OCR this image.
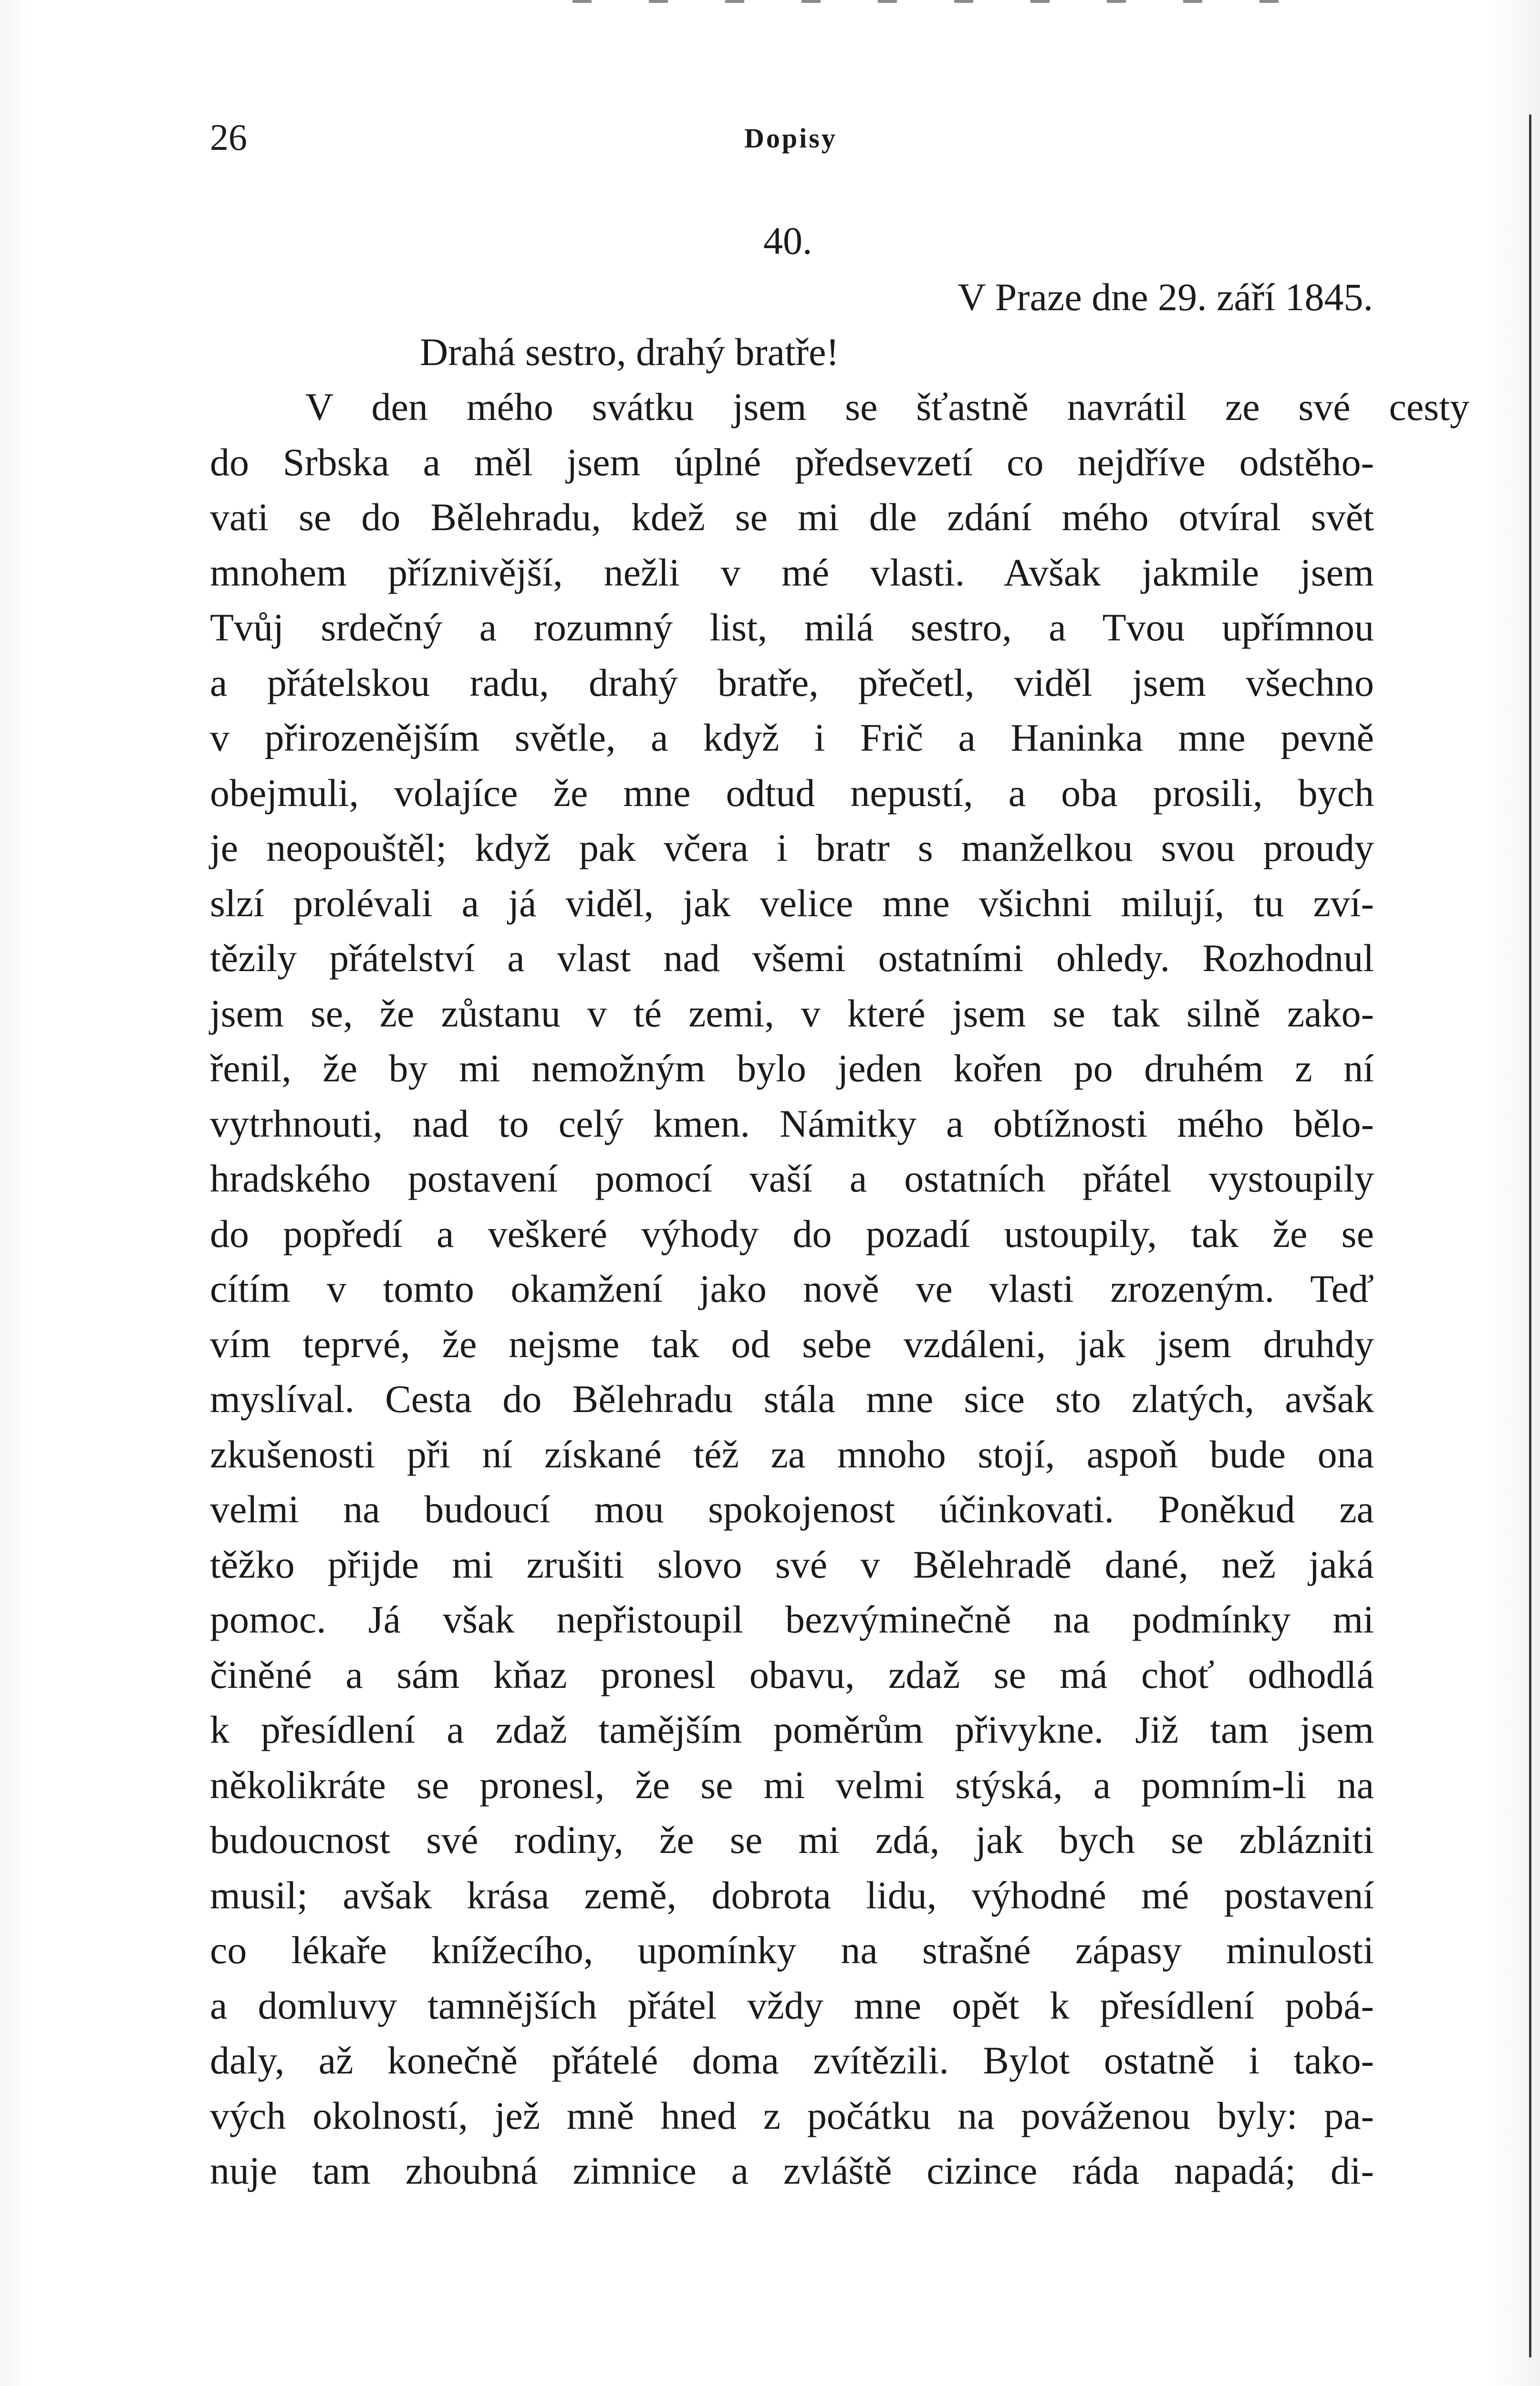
26	Dopisy
40.
V Praze dne 29. září 1845.
Drahá sestro, drahý bratře!
V den mého svátku jsem se šťastně navrátil ze své cesty
do Srbska a měl jsem úplné předsevzetí co nejdříve odstěho-
vati se do Bělehradu, kdež se mi dle zdání mého otvíral svět
mnohem příznivější, nežli v mé vlasti. Avšak jakmile jsem
Tvůj srdečný a rozumný list, milá sestro, a Tvou upřímnou
a přátelskou radu, drahý bratře, přečetl, viděl jsem všechno
v přirozenějším světle, a když i Frič a Haninka mne pevně
obejmuli, volajíce že mne odtud nepustí, a oba prosili, bych
je neopouštěl; když pak včera i bratr s manželkou svou proudy
slzí prolévali a já viděl, jak velice mne všichni milují, tu zví-
tězily přátelství a vlast nad všemi ostatními ohledy. Rozhodnul
jsem se, že zůstanu v té zemi, v které jsem se tak silně zako-
řenil, že by mi nemožným bylo jeden kořen po druhém z ní
vytrhnouti, nad to celý kmen. Námitky a obtížnosti mého bělo-
hradského postavení pomocí vaší a ostatních přátel vystoupily
do popředí a veškeré výhody do pozadí ustoupily, tak že se
cítím v tomto okamžení jako nově ve vlasti zrozeným. Teď
vím teprvé, že nejsme tak od sebe vzdáleni, jak jsem druhdy
myslíval. Cesta do Bělehradu stála mne sice sto zlatých, avšak
zkušenosti při ní získané též za mnoho stojí, aspoň bude ona
velmi na budoucí mou spokojenost účinkovati. Poněkud za
těžko přijde mi zrušiti slovo své v Bělehradě dané, než jaká
pomoc. Já však nepřistoupil bezvýminečně na podmínky mi
činěné a sám kňaz pronesl obavu, zdaž se má choť odhodlá
k přesídlení a zdaž tamějším poměrům přivykne. Již tam jsem
několikráte se pronesl, že se mi velmi stýská, a pomním-li na
budoucnost své rodiny, že se mi zdá, jak bych se zblázniti
musil; avšak krása země, dobrota lidu, výhodné mé postavení
co lékaře knížecího, upomínky na strašné zápasy minulosti
a domluvy tamnějších přátel vždy mne opět k přesídlení pobá-
daly, až konečně přátelé doma zvítězili. Bylot ostatně i tako-
vých okolností, jež mně hned z počátku na pováženou byly: pa-
nuje tam zhoubná zimnice a zvláště cizince ráda napadá; di-
